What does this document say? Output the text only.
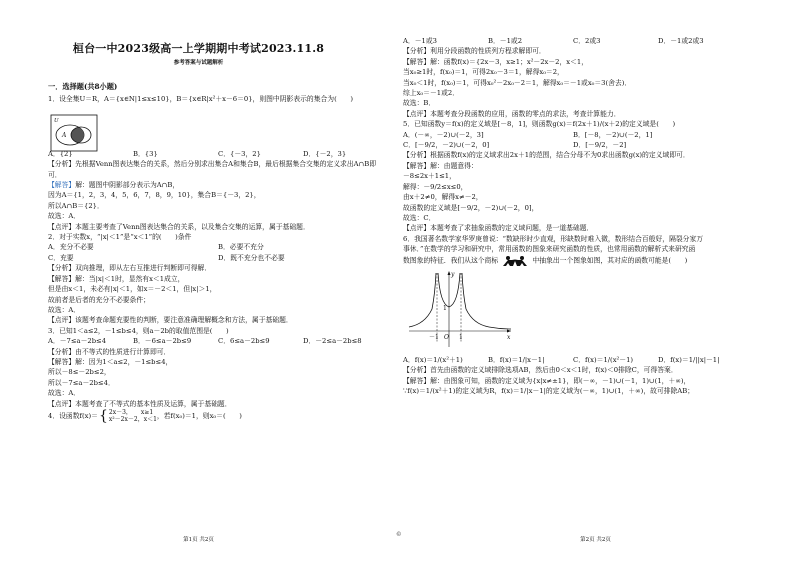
桓台一中2023级高一上学期期中考试2023.11.8
参考答案与试题解析
一．选择题(共8小题)
1．设全集U＝R，A＝{x∈N|1≤x≤10}，B＝{x∈R|x²＋x－6＝0}，则图中阴影表示的集合为(　　)
A．{2}	B．{3}	C．{－3，2}	D．{－2，3}
【分析】先根据Venn图表达集合的关系，然后分别求出集合A和集合B，最后根据集合交集的定义求出A∩B即可．
【解答】解：题图中阴影部分表示为A∩B，
因为A＝{1，2，3，4，5，6，7，8，9，10}，集合B＝{－3，2}，
所以A∩B＝{2}．
故选：A．
【点评】本题主要考查了Venn图表达集合的关系，以及集合交集的运算，属于基础题．
2．对于实数x，“|x|＜1”是“x＜1”的(　　)条件
A．充分不必要	B．必要不充分
C．充要	D．既不充分也不必要
【分析】双向推理，即从左右互推进行判断即可得解．
【解答】解：当|x|＜1时，显然有x＜1成立，
但是由x＜1，未必有|x|＜1，如x＝－2＜1，但|x|＞1，
故前者是后者的充分不必要条件；
故选：A．
【点评】该题考查命题充要性的判断，要注意准确理解概念和方法，属于基础题．
3．已知1＜a≤2，－1≤b≤4，则a－2b的取值范围是(　　)
A．－7≤a－2b≤4	B．－6≤a－2b≤9	C．6≤a－2b≤9	D．－2≤a－2b≤8
【分析】由不等式的性质进行计算即可．
【解答】解：因为1＜a≤2，－1≤b≤4，
所以－8≤－2b≤2，
所以－7≤a－2b≤4．
故选：A．
【点评】本题考查了不等式的基本性质及运算，属于基础题．
4．设函数f(x)＝ { 2x－3，　　x≥1
x²－2x－2，x＜1 ，若f(x₀)＝1，则x₀＝(　　)
U
A	B
第1页 共2页
©
A．－1或3	B．－1或2	C．2或3	D．－1或2或3
【分析】利用分段函数的性质列方程求解即可．
【解答】解：函数f(x)＝{2x－3，x≥1；x²－2x－2，x＜1，
当x₀≥1时，f(x₀)＝1，可得2x₀－3＝1，解得x₀＝2，
当x₀＜1时，f(x₀)＝1，可得x₀²－2x₀－2＝1，解得x₀＝－1或x₀＝3(舍去)．
综上x₀＝－1或2．
故选：B．
【点评】本题考查分段函数的应用，函数的零点的求法，考查计算能力．
5．已知函数y＝f(x)的定义域是[－8，1]，则函数g(x)＝f(2x＋1)/(x＋2)的定义域是(　　)
A．(－∞，－2)∪(－2，3]	B．[－8，－2)∪(－2，1]
C．[－9/2，－2)∪(－2，0]	D．[－9/2，－2]
【分析】根据函数f(x)的定义域求出2x＋1的范围，结合分母不为0求出函数g(x)的定义域即可．
【解答】解：由题意得：
－8≤2x＋1≤1，
解得：－9/2≤x≤0，
由x＋2≠0，解得x≠－2，
故函数的定义域是[－9/2，－2)∪(－2，0]，
故选：C．
【点评】本题考查了求抽象函数的定义域问题，是一道基础题．
6．我国著名数学家华罗庚曾说：“数缺形时少直观，形缺数时难入微，数形结合百般好，隔裂分家万
事休．”在数学的学习和研究中，常用函数的图象来研究函数的性质，也常用函数的解析式来研究函
数图象的特征．我们从这个商标	中抽象出一个图象如图，其对应的函数可能是(　　)
y
1
－1 O 1	x
A．f(x)＝1/(x²＋1)	B．f(x)＝1/|x－1|	C．f(x)＝1/(x²－1)	D．f(x)＝1/||x|－1|
【分析】首先由函数的定义域排除选项AB，然后由0＜x＜1时，f(x)＜0排除C，可得答案．
【解答】解：由图象可知，函数的定义域为{x|x≠±1}，即(－∞，－1)∪(－1，1)∪(1，＋∞)，
∵f(x)＝1/(x²＋1)的定义域为R，f(x)＝1/|x－1|的定义域为(－∞，1)∪(1，＋∞)，故可排除AB；
第2页 共2页
